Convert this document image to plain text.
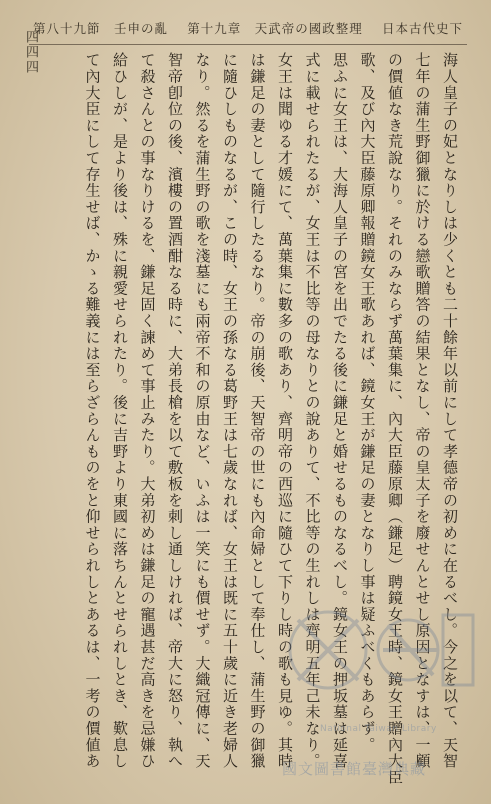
第八十九節　壬申の亂 第十九章　天武帝の國政整理 日本古代史下
四四四	海人皇子の妃となりしは少くとも二十餘年以前にして孝德帝の初めに在るべし。今之を以て、天智
七年の蒲生野御獵に於ける戀歌贈答の結果となし、帝の皇太子を廢せんとせし原因となすは、一顧
の價値なき荒說なり。それのみならず萬葉集に、內大臣藤原卿（鎌足）聘鏡女王時、鏡女王贈內大臣
歌、及び內大臣藤原卿報贈鏡女王歌あれば、鏡女王が鎌足の妻となりし事は疑ふべくもあらず。
思ふに女王は、大海人皇子の宮を出でたる後に鎌足と婚せるものなるべし。鏡女王の押坂墓は延喜
式に載せられたるが、女王は不比等の母なりとの說ありて、不比等の生れしは齊明五年己未なり。
女王は聞ゆる才媛にて、萬葉集に數多の歌あり、齊明帝の西巡に隨ひて下りし時の歌も見ゆ。其時
は鎌足の妻として隨行したるなり。帝の崩後、天智帝の世にも內命婦として奉仕し、蒲生野の御獵
に隨ひしものなるが、この時、女王の孫なる葛野王は七歲なれば、女王は既に五十歲に近き老婦人
なり。然るを蒲生野の歌を淺墓にも兩帝不和の原由など、いふは一笑にも價せず。大織冠傳に、天
智帝卽位の後、濱樓の置酒酣なる時に、大弟長槍を以て敷板を刺し通しければ、帝大に怒り、執へ
て殺さんとの事なりけるを、鎌足固く諫めて事止みたり。大弟初めは鎌足の寵遇甚だ高きを忌嫌ひ
給ひしが、是より後は、殊に親愛せられたり。後に吉野より東國に落ちんとせられしとき、歎息し
て內大臣にして存生せば、かゝる難義には至らざらんものをと仰せられしとあるは、一考の價値あ	National Taiwan Library
國文圖書館臺灣典藏
